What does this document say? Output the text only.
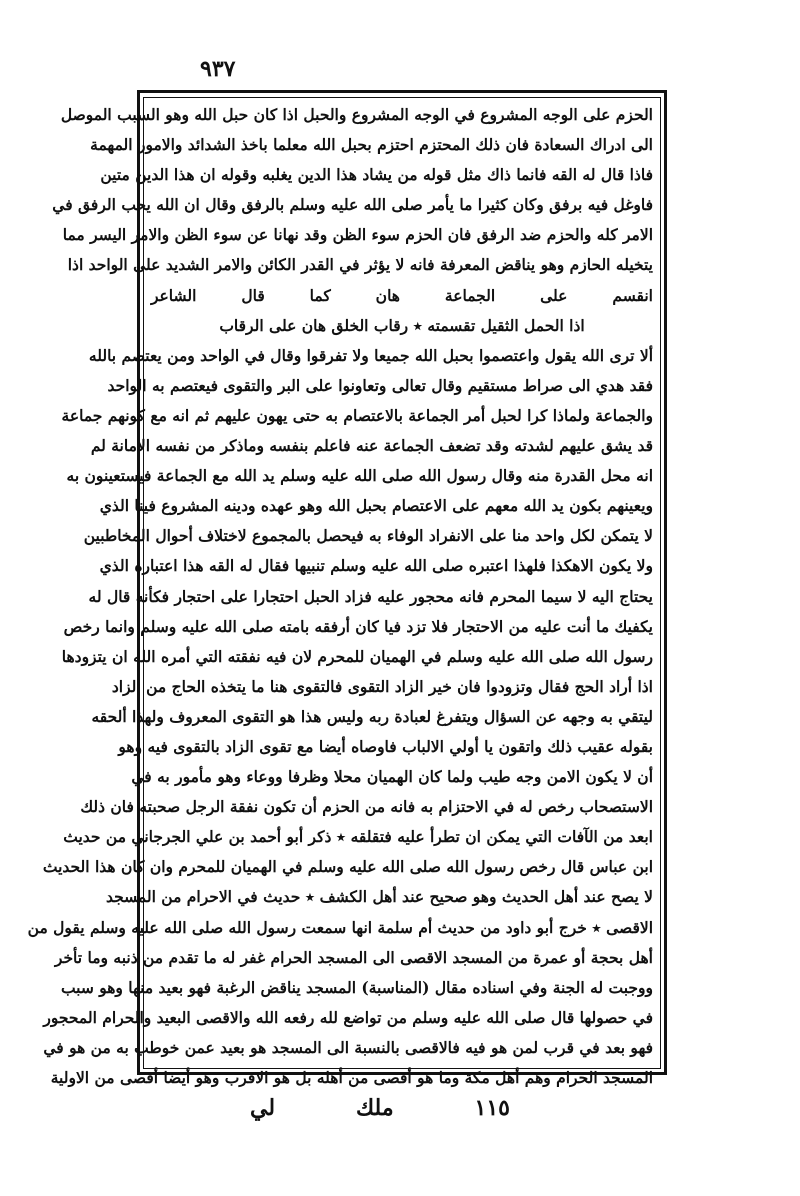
٩٣٧
الحزم على الوجه المشروع في الوجه المشروع والحبل اذا كان حبل الله وهو السبب الموصل
الى ادراك السعادة فان ذلك المحتزم احتزم بحبل الله معلما باخذ الشدائد والامور المهمة
فاذا قال له القه فانما ذاك مثل قوله من يشاد هذا الدين يغلبه وقوله ان هذا الدين متين
فاوغل فيه برفق وكان كثيرا ما يأمر صلى الله عليه وسلم بالرفق وقال ان الله يحب الرفق في
الامر كله والحزم ضد الرفق فان الحزم سوء الظن وقد نهانا عن سوء الظن والامر اليسر مما
يتخيله الحازم وهو يناقض المعرفة فانه لا يؤثر في القدر الكائن والامر الشديد على الواحد اذا
انقسم على الجماعة هان كما قال الشاعر
اذا الحمل الثقيل تقسمته ٭ رقاب الخلق هان على الرقاب
ألا ترى الله يقول واعتصموا بحبل الله جميعا ولا تفرقوا وقال في الواحد ومن يعتصم بالله
فقد هدي الى صراط مستقيم وقال تعالى وتعاونوا على البر والتقوى فيعتصم به الواحد
والجماعة ولماذا كرا لحبل أمر الجماعة بالاعتصام به حتى يهون عليهم ثم انه مع كونهم جماعة
قد يشق عليهم لشدته وقد تضعف الجماعة عنه فاعلم بنفسه وماذكر من نفسه الامانة لم
انه محل القدرة منه وقال رسول الله صلى الله عليه وسلم يد الله مع الجماعة فيستعينون به
ويعينهم بكون يد الله معهم على الاعتصام بحبل الله وهو عهده ودينه المشروع فينا الذي
لا يتمكن لكل واحد منا على الانفراد الوفاء به فيحصل بالمجموع لاختلاف أحوال المخاطبين
ولا يكون الاهكذا فلهذا اعتبره صلى الله عليه وسلم تنبيها فقال له القه هذا اعتباره الذي
يحتاج اليه لا سيما المحرم فانه محجور عليه فزاد الحبل احتجارا على احتجار فكأنه قال له
يكفيك ما أنت عليه من الاحتجار فلا تزد فيا كان أرفقه بامته صلى الله عليه وسلم وانما رخص
رسول الله صلى الله عليه وسلم في الهميان للمحرم لان فيه نفقته التي أمره الله ان يتزودها
اذا أراد الحج فقال وتزودوا فان خير الزاد التقوى فالتقوى هنا ما يتخذه الحاج من الزاد
ليتقي به وجهه عن السؤال ويتفرغ لعبادة ربه وليس هذا هو التقوى المعروف ولهذا ألحقه
بقوله عقيب ذلك واتقون يا أولي الالباب فاوصاه أيضا مع تقوى الزاد بالتقوى فيه وهو
أن لا يكون الامن وجه طيب ولما كان الهميان محلا وظرفا ووعاء وهو مأمور به في
الاستصحاب رخص له في الاحتزام به فانه من الحزم أن تكون نفقة الرجل صحبته فان ذلك
ابعد من الآفات التي يمكن ان تطرأ عليه فتقلقه ٭ ذكر أبو أحمد بن علي الجرجاني من حديث
ابن عباس قال رخص رسول الله صلى الله عليه وسلم في الهميان للمحرم وان كان هذا الحديث
لا يصح عند أهل الحديث وهو صحيح عند أهل الكشف ٭ حديث في الاحرام من المسجد
الاقصى ٭ خرج أبو داود من حديث أم سلمة انها سمعت رسول الله صلى الله عليه وسلم يقول من
أهل بحجة أو عمرة من المسجد الاقصى الى المسجد الحرام غفر له ما تقدم من ذنبه وما تأخر
ووجبت له الجنة وفي اسناده مقال (المناسبة) المسجد يناقض الرغبة فهو بعيد منها وهو سبب
في حصولها قال صلى الله عليه وسلم من تواضع لله رفعه الله والاقصى البعيد والحرام المحجور
فهو بعد في قرب لمن هو فيه فالاقصى بالنسبة الى المسجد هو بعيد عمن خوطب به من هو في
المسجد الحرام وهم أهل مكة وما هو أقصى من أهله بل هو الاقرب وهو أيضا أقصى من الاولية
١١٥
ملك
لي
